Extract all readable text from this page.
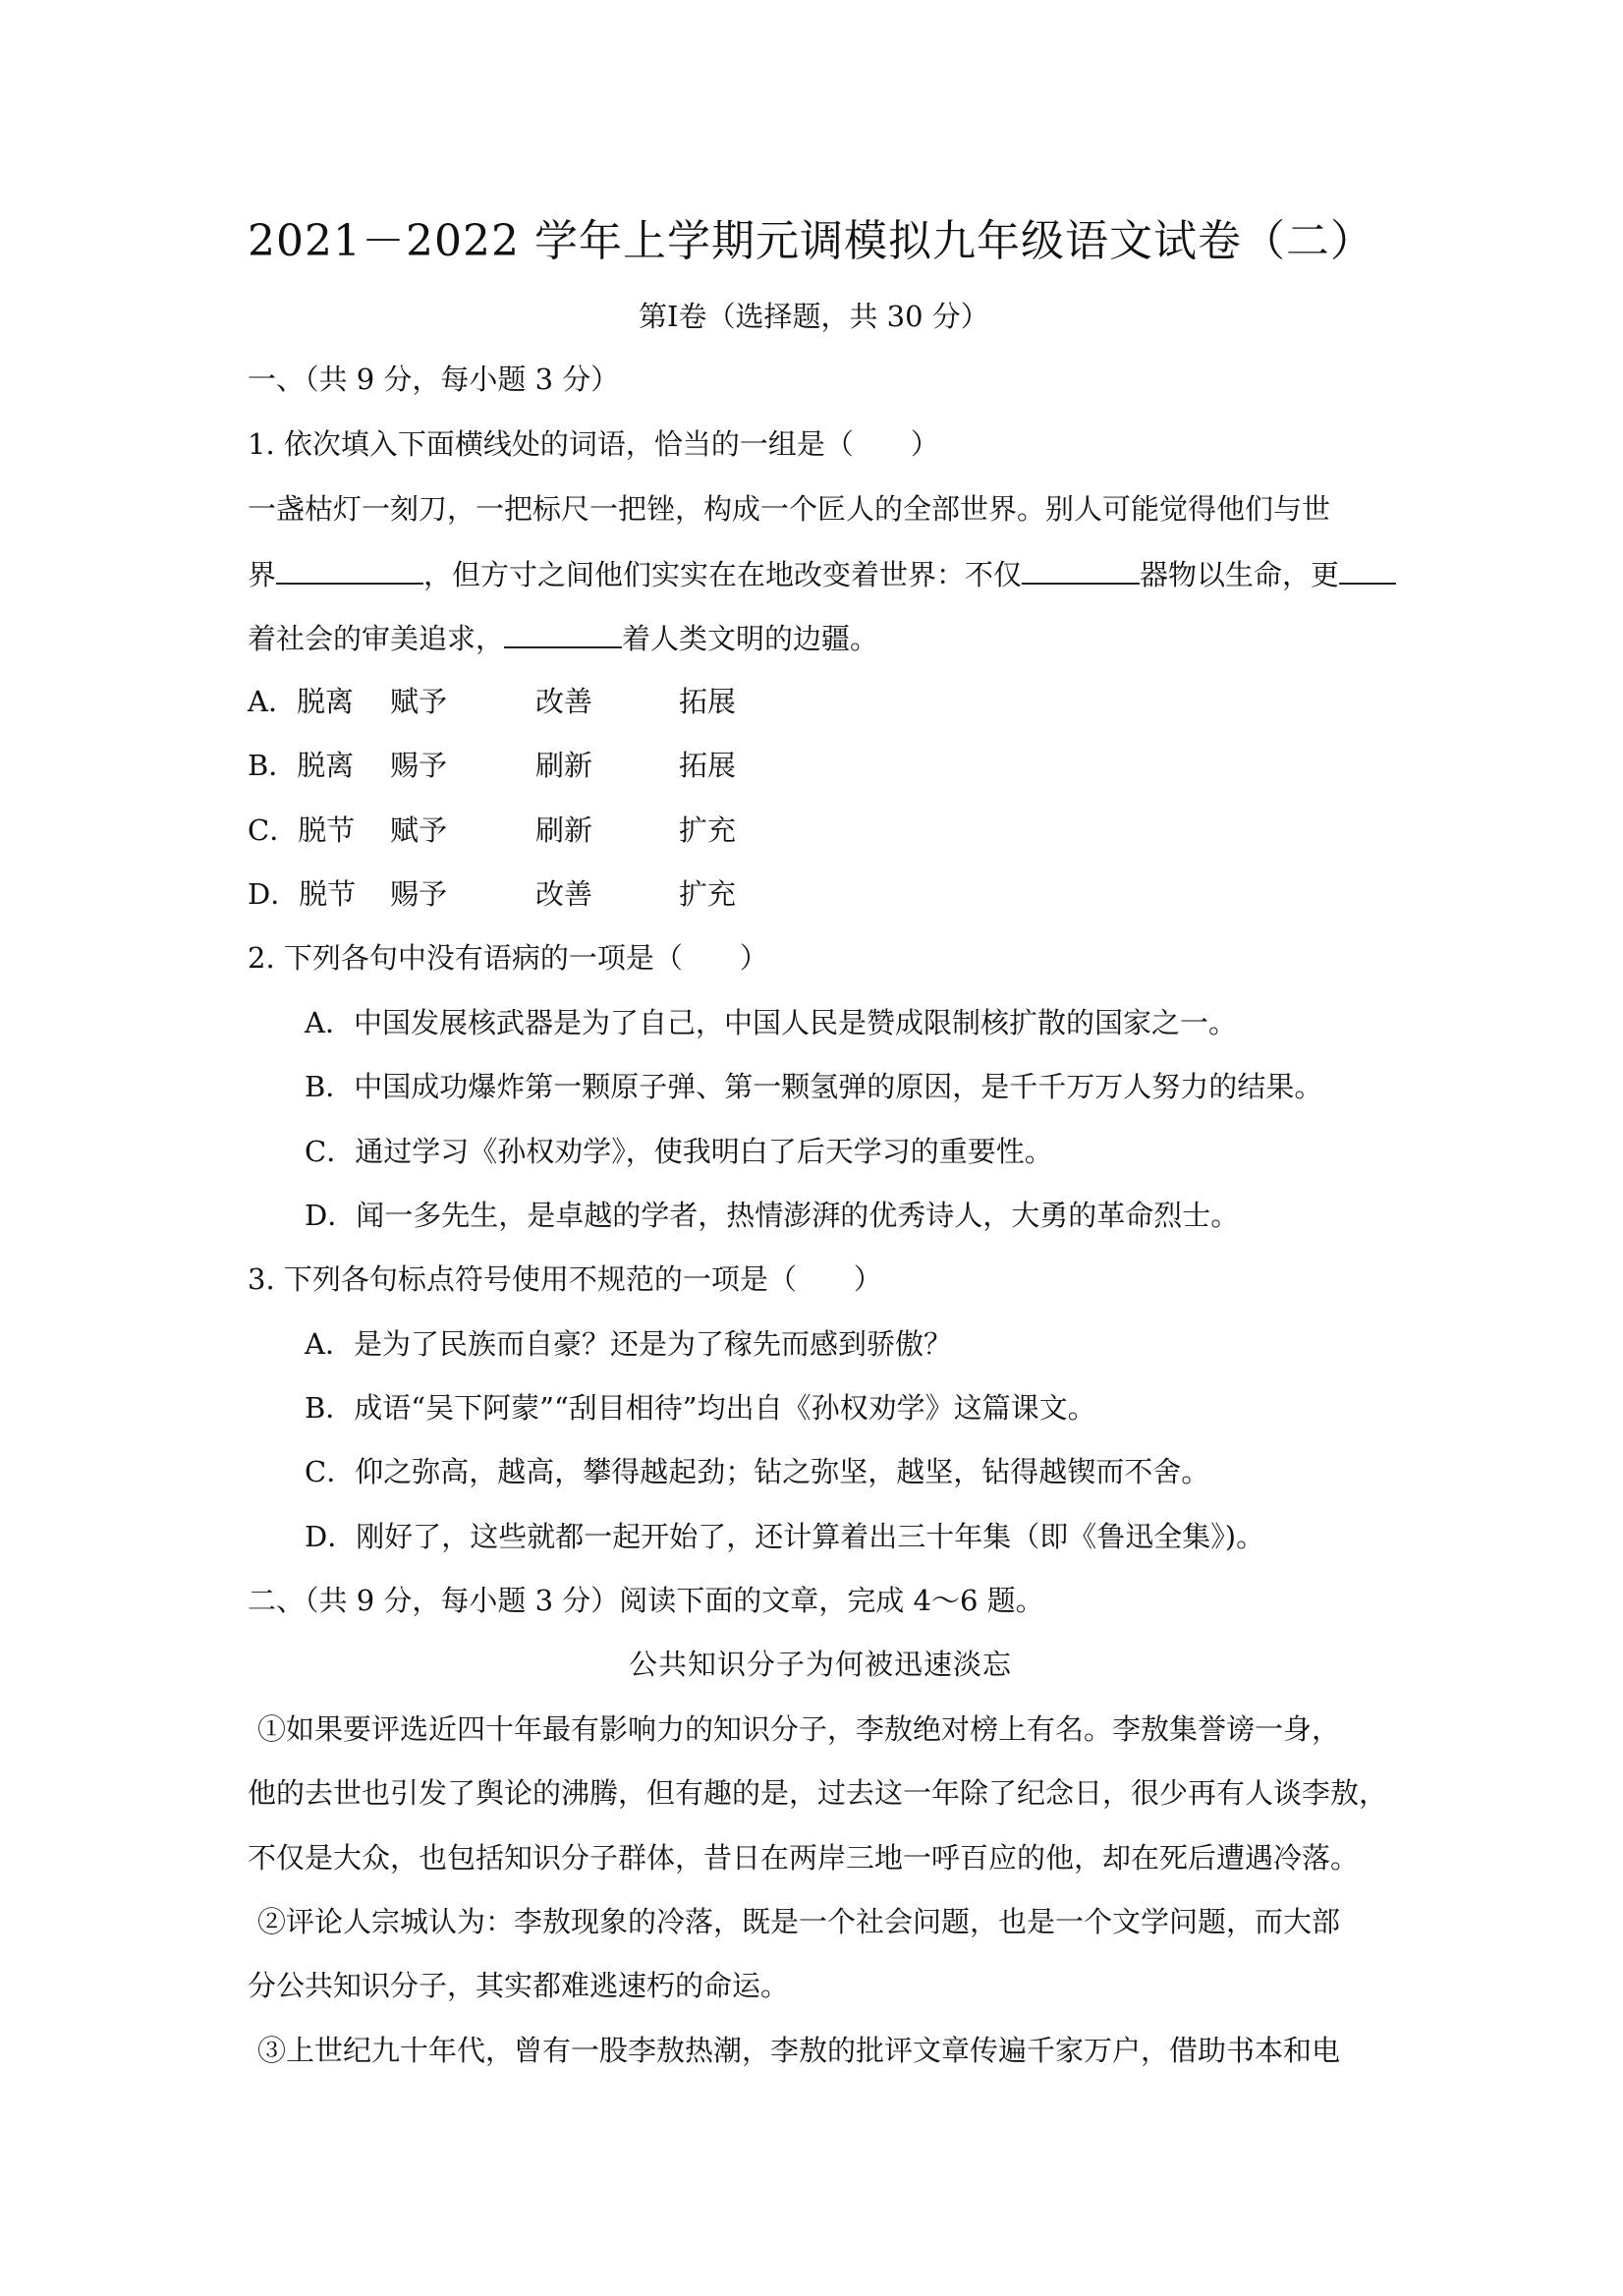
2021－2022 学年上学期元调模拟九年级语文试卷（二）
第Ⅰ卷（选择题，共 30 分）
一、（共 9 分，每小题 3 分）
1. 依次填入下面横线处的词语，恰当的一组是（　　）
一盏枯灯一刻刀，一把标尺一把锉，构成一个匠人的全部世界。别人可能觉得他们与世
界	，但方寸之间他们实实在在地改变着世界：不仅	器物以生命，更
着社会的审美追求，	着人类文明的边疆。
A．脱离 赋予	改善	拓展
B．脱离 赐予	刷新	拓展
C．脱节 赋予	刷新	扩充
D．脱节 赐予	改善	扩充
2. 下列各句中没有语病的一项是（　　）
A．中国发展核武器是为了自己，中国人民是赞成限制核扩散的国家之一。
B．中国成功爆炸第一颗原子弹、第一颗氢弹的原因，是千千万万人努力的结果。
C．通过学习《孙权劝学》，使我明白了后天学习的重要性。
D．闻一多先生，是卓越的学者，热情澎湃的优秀诗人，大勇的革命烈士。
3. 下列各句标点符号使用不规范的一项是（　　）
A．是为了民族而自豪？还是为了稼先而感到骄傲？
B．成语“吴下阿蒙”“刮目相待”均出自《孙权劝学》这篇课文。
C．仰之弥高，越高，攀得越起劲；钻之弥坚，越坚，钻得越锲而不舍。
D．刚好了，这些就都一起开始了，还计算着出三十年集（即《鲁迅全集》)。
二、（共 9 分，每小题 3 分）阅读下面的文章，完成 4～6 题。
公共知识分子为何被迅速淡忘
①如果要评选近四十年最有影响力的知识分子，李敖绝对榜上有名。李敖集誉谤一身，
他的去世也引发了舆论的沸腾，但有趣的是，过去这一年除了纪念日，很少再有人谈李敖，
不仅是大众，也包括知识分子群体，昔日在两岸三地一呼百应的他，却在死后遭遇冷落。
②评论人宗城认为：李敖现象的冷落，既是一个社会问题，也是一个文学问题，而大部
分公共知识分子，其实都难逃速朽的命运。
③上世纪九十年代，曾有一股李敖热潮，李敖的批评文章传遍千家万户，借助书本和电
